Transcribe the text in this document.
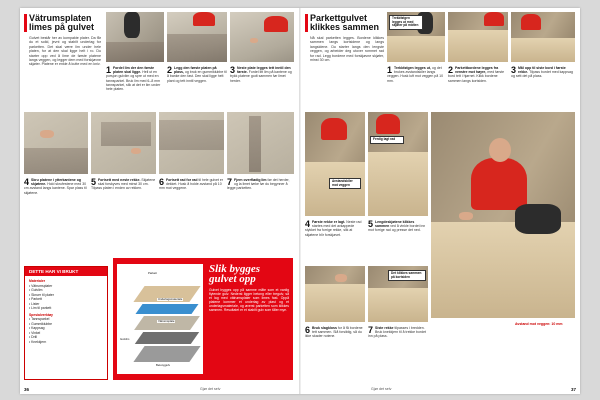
Vätrumsplaten limes på gulvet
Gulvet består her av kompakte plater. Da får du et solid, jevnt og stabilt underlag for parketten. Det skal være lim under hele platen, for at den skal ligge helt i ro. Du starter opp ved å lime de første platene langs veggen, og legger dem med forskjøvne skjøter. Platene er enkle å kutte med en kniv.
1 Fordel lim der den første platen skal ligge. Hell ut en porsjon gulvlim og spre ut med en tannsparkel. Bruk lim med 6–8 mm tannsparkel, slik at det er lim under hele platen.
2 Legg den første platen på plass, og bruk en gummiklubbe til å banke den fast. Den skal ligge helt plant og tett inntil veggen.
3 Neste plate legges tett inntil den første. Fordel litt lim på kantene og trykk platene godt sammen før limet herder.
4 Skru platene i ytterkantene og skjøtene. Hold skrufestene med 30 cm avstand langs kantene. Spar plass til skjøtene.
5 Fortsett med neste rekke. Skjøtene skal forskyves med minst 30 cm. Tilpass platen i enden av rekken.
6 Fortsett rad for rad til hele gulvet er dekket. Husk å holde avstand på 10 mm mot veggene.
7 Fjern overflødig lim før det herder, og la limet tørke før du begynner å legge parketten.
DETTE HAR VI BRUKT
Materialer
• Vätrumsplater
• Gulvlim
• Skruer til plater
• Parkett
• Lister
• Lim til parkett
Spesialverktøy
• Tannsparkel
• Gummiklubbe
• Kappsag
• Vinkel
• Drill
• Knekkjern
Parkett
Underlagsmateriale
Vätrumsplate
Gulvlim
Betonggulv
Slik bygges gulvet opp
Gulvet bygges opp på samme måte som et vanlig flytende gulv. Nederst ligger betong eller tregulv, så et lag med vätrumsplater som limes fast. Oppå platene kommer et underlag av plast og et underlagsmateriale, og øverst parketten som klikkes sammen. Resultatet er et stabilt gulv som tåler mye.
36	Gjør det selv
Parkettgulvet klikkes sammen
Nå skal parketten legges. Bordene klikkes sammen langs kortsidene og langs langsidene. Du starter langs den lengste veggen, og arbeider deg utover rommet rad for rad. Legg bordene med forskjøvne skjøter, minst 30 cm.
Trekkfølgen legges ut med skjøter på midten
1 Trekkfølgen legges ut, og det brukes avstandskiler langs veggen. Husk luft mot veggen på 10 mm.
2 Parkettbordene legges fra venstre mot høyre, med første bord tett i hjørnet. Klikk bordene sammen langs kortsiden.
3 Mål opp til siste bord i første rekke. Tilpass bordet med kappsag og sett det på plass.
Avstandskiler mot veggen
Ferdig lagt rad
4 Første rekke er lagt. Neste rad startes med det avkappede stykket fra forrige rekke, slik at skjøtene blir forskjøvet.
5 Lengdeskjøtene klikkes sammen ved å vinkle bordet inn mot forrige rad og presse det ned.
Det klikkes sammen på kortsiden
6 Bruk slagkloss for å få bordene tett sammen. Slå forsiktig, så du ikke skader notene.
7 Siste rekke tilpasses i bredden. Bruk knekkjern til å trekke bordet inn på plass.
Avstand mot veggen: 10 mm
Gjør det selv	37
